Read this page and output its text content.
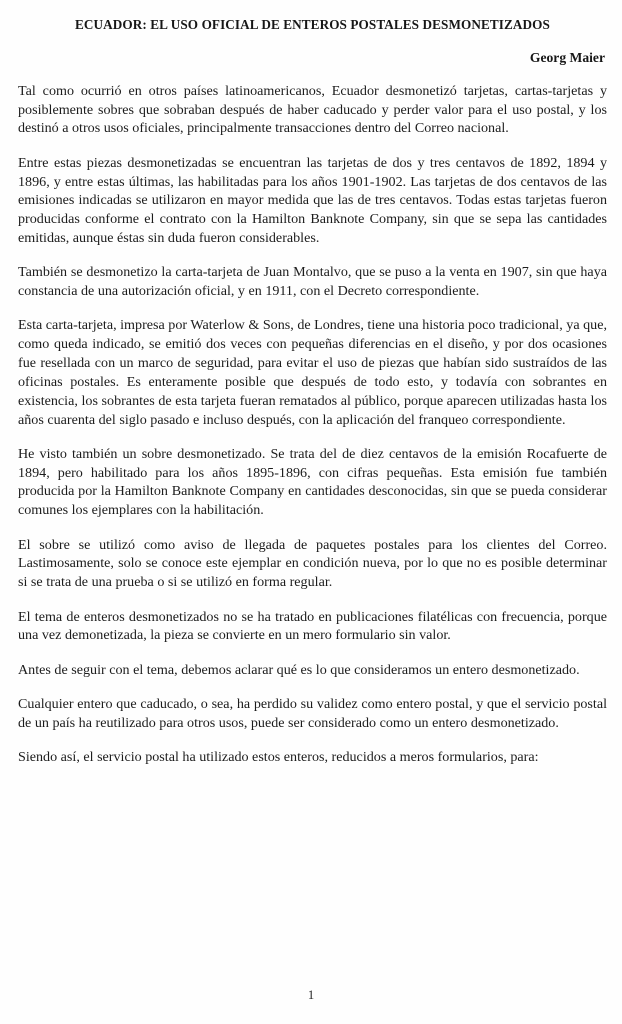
ECUADOR: EL USO OFICIAL DE ENTEROS POSTALES DESMONETIZADOS
Georg Maier

Tal como ocurrió en otros países latinoamericanos, Ecuador desmonetizó tarjetas, cartas-tarjetas y posiblemente sobres que sobraban después de haber caducado y perder valor para el uso postal, y los destinó a otros usos oficiales, principalmente transacciones dentro del Correo nacional.

Entre estas piezas desmonetizadas se encuentran las tarjetas de dos y tres centavos de 1892, 1894 y 1896, y entre estas últimas, las habilitadas para los años 1901-1902. Las tarjetas de dos centavos de las emisiones indicadas se utilizaron en mayor medida que las de tres centavos. Todas estas tarjetas fueron producidas conforme el contrato con la Hamilton Banknote Company, sin que se sepa las cantidades emitidas, aunque éstas sin duda fueron considerables.

También se desmonetizo la carta-tarjeta de Juan Montalvo, que se puso a la venta en 1907, sin que haya constancia de una autorización oficial, y en 1911, con el Decreto correspondiente.

Esta carta-tarjeta, impresa por Waterlow & Sons, de Londres, tiene una historia poco tradicional, ya que, como queda indicado, se emitió dos veces con pequeñas diferencias en el diseño, y por dos ocasiones fue resellada con un marco de seguridad, para evitar el uso de piezas que habían sido sustraídos de las oficinas postales. Es enteramente posible que después de todo esto, y todavía con sobrantes en existencia, los sobrantes de esta tarjeta fueran rematados al público, porque aparecen utilizadas hasta los años cuarenta del siglo pasado e incluso después, con la aplicación del franqueo correspondiente.

He visto también un sobre desmonetizado. Se trata del de diez centavos de la emisión Rocafuerte de 1894, pero habilitado para los años 1895-1896, con cifras pequeñas. Esta emisión fue también producida por la Hamilton Banknote Company en cantidades desconocidas, sin que se pueda considerar comunes los ejemplares con la habilitación.

El sobre se utilizó como aviso de llegada de paquetes postales para los clientes del Correo. Lastimosamente, solo se conoce este ejemplar en condición nueva, por lo que no es posible determinar si se trata de una prueba o si se utilizó en forma regular.

El tema de enteros desmonetizados no se ha tratado en publicaciones filatélicas con frecuencia, porque una vez demonetizada, la pieza se convierte en un mero formulario sin valor.

Antes de seguir con el tema, debemos aclarar qué es lo que consideramos un entero desmonetizado.

Cualquier entero que caducado, o sea, ha perdido su validez como entero postal, y que el servicio postal de un país ha reutilizado para otros usos, puede ser considerado como un entero desmonetizado.

Siendo así, el servicio postal ha utilizado estos enteros, reducidos a meros formularios, para:

1
